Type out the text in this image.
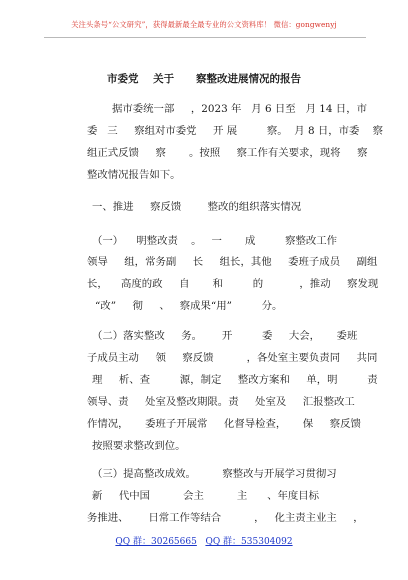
关注头条号“公文研究”，获得最新最全最专业的公文资料库！ 微信：gongwenyj
市委党    关于      察整改进展情况的报告
据市委统一部     ，2023 年   月 6 日至   月 14 日，市
委   三     察组对市委党     开 展         察。  月 8 日，市委    察
组正式反馈     察       。按照     察工作有关要求，现将     察
整改情况报告如下。
一、推进     察反馈        整改的组织落实情况
（一）    明整改责    。   一       成         察整改工作
领导     组，常务副     长     组长，其他     委班子成员     副组
长，    高度的政     自       和         的           ，推动     察发现
“改”     彻     、   察成果“用”         分。
（二）落实整改     务。      开         委     大会，     委班
子成员主动     领     察反馈          ，各处室主要负责同     共同
理     析、查         源，制定     整改方案和     单，明         责
领导、责     处室及整改期限。责     处室及     汇报整改工
作情况，     委班子开展常     化督导检查，     保     察反馈
按照要求整改到位。
（三）提高整改成效。        察整改与开展学习贯彻习
新     代中国          会主          主      、年度目标
务推进、      日常工作等结合          ，   化主责主业主     ，
QQ 群：30265665 QQ 群：535304092
